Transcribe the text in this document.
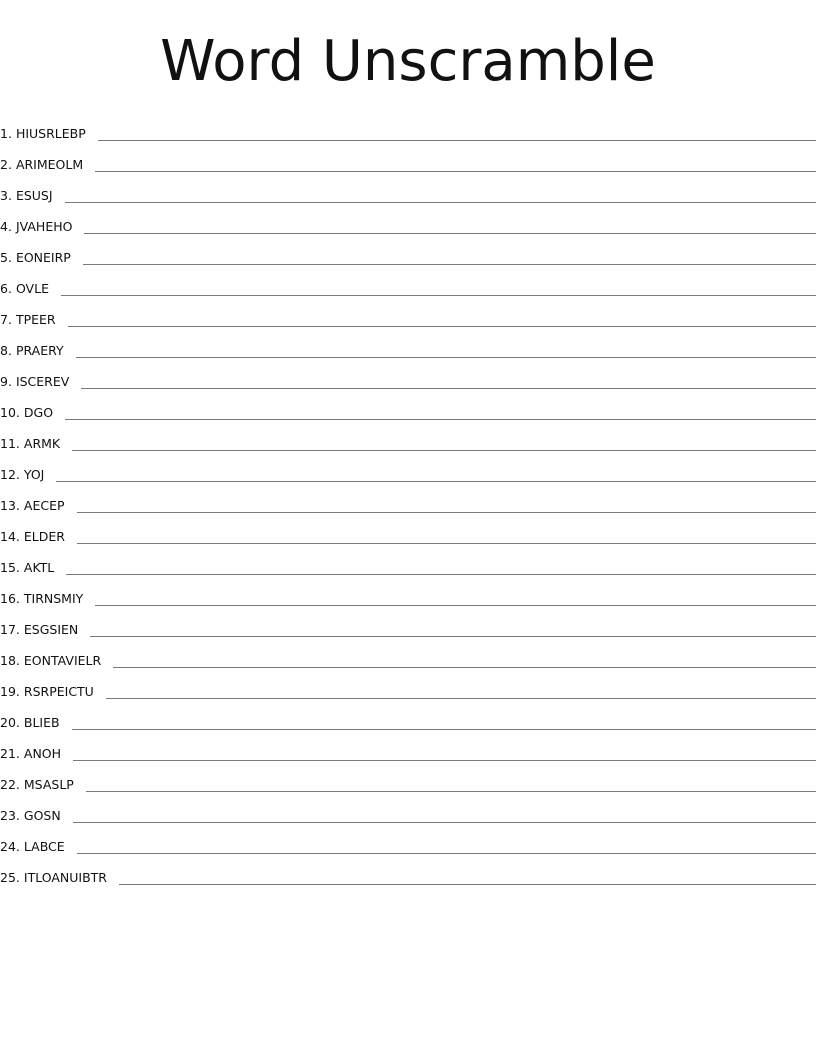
Word Unscramble
1. HIUSRLEBP
2. ARIMEOLM
3. ESUSJ
4. JVAHEHO
5. EONEIRP
6. OVLE
7. TPEER
8. PRAERY
9. ISCEREV
10. DGO
11. ARMK
12. YOJ
13. AECEP
14. ELDER
15. AKTL
16. TIRNSMIY
17. ESGSIEN
18. EONTAVIELR
19. RSRPEICTU
20. BLIEB
21. ANOH
22. MSASLP
23. GOSN
24. LABCE
25. ITLOANUIBTR
